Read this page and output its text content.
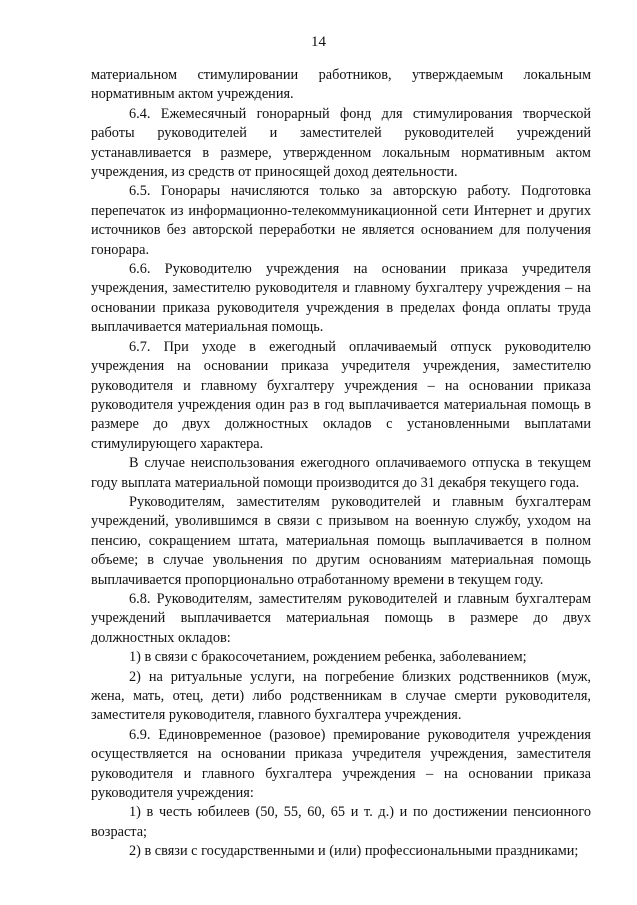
14

материальном стимулировании работников, утверждаемым локальным нормативным актом учреждения.

6.4. Ежемесячный гонорарный фонд для стимулирования творческой работы руководителей и заместителей руководителей учреждений устанавливается в размере, утвержденном локальным нормативным актом учреждения, из средств от приносящей доход деятельности.

6.5. Гонорары начисляются только за авторскую работу. Подготовка перепечаток из информационно-телекоммуникационной сети Интернет и других источников без авторской переработки не является основанием для получения гонорара.

6.6. Руководителю учреждения на основании приказа учредителя учреждения, заместителю руководителя и главному бухгалтеру учреждения – на основании приказа руководителя учреждения в пределах фонда оплаты труда выплачивается материальная помощь.

6.7. При уходе в ежегодный оплачиваемый отпуск руководителю учреждения на основании приказа учредителя учреждения, заместителю руководителя и главному бухгалтеру учреждения – на основании приказа руководителя учреждения один раз в год выплачивается материальная помощь в размере до двух должностных окладов с установленными выплатами стимулирующего характера.

В случае неиспользования ежегодного оплачиваемого отпуска в текущем году выплата материальной помощи производится до 31 декабря текущего года.

Руководителям, заместителям руководителей и главным бухгалтерам учреждений, уволившимся в связи с призывом на военную службу, уходом на пенсию, сокращением штата, материальная помощь выплачивается в полном объеме; в случае увольнения по другим основаниям материальная помощь выплачивается пропорционально отработанному времени в текущем году.

6.8. Руководителям, заместителям руководителей и главным бухгалтерам учреждений выплачивается материальная помощь в размере до двух должностных окладов:

1) в связи с бракосочетанием, рождением ребенка, заболеванием;

2) на ритуальные услуги, на погребение близких родственников (муж, жена, мать, отец, дети) либо родственникам в случае смерти руководителя, заместителя руководителя, главного бухгалтера учреждения.

6.9. Единовременное (разовое) премирование руководителя учреждения осуществляется на основании приказа учредителя учреждения, заместителя руководителя и главного бухгалтера учреждения – на основании приказа руководителя учреждения:

1) в честь юбилеев (50, 55, 60, 65 и т. д.) и по достижении пенсионного возраста;

2) в связи с государственными и (или) профессиональными праздниками;
